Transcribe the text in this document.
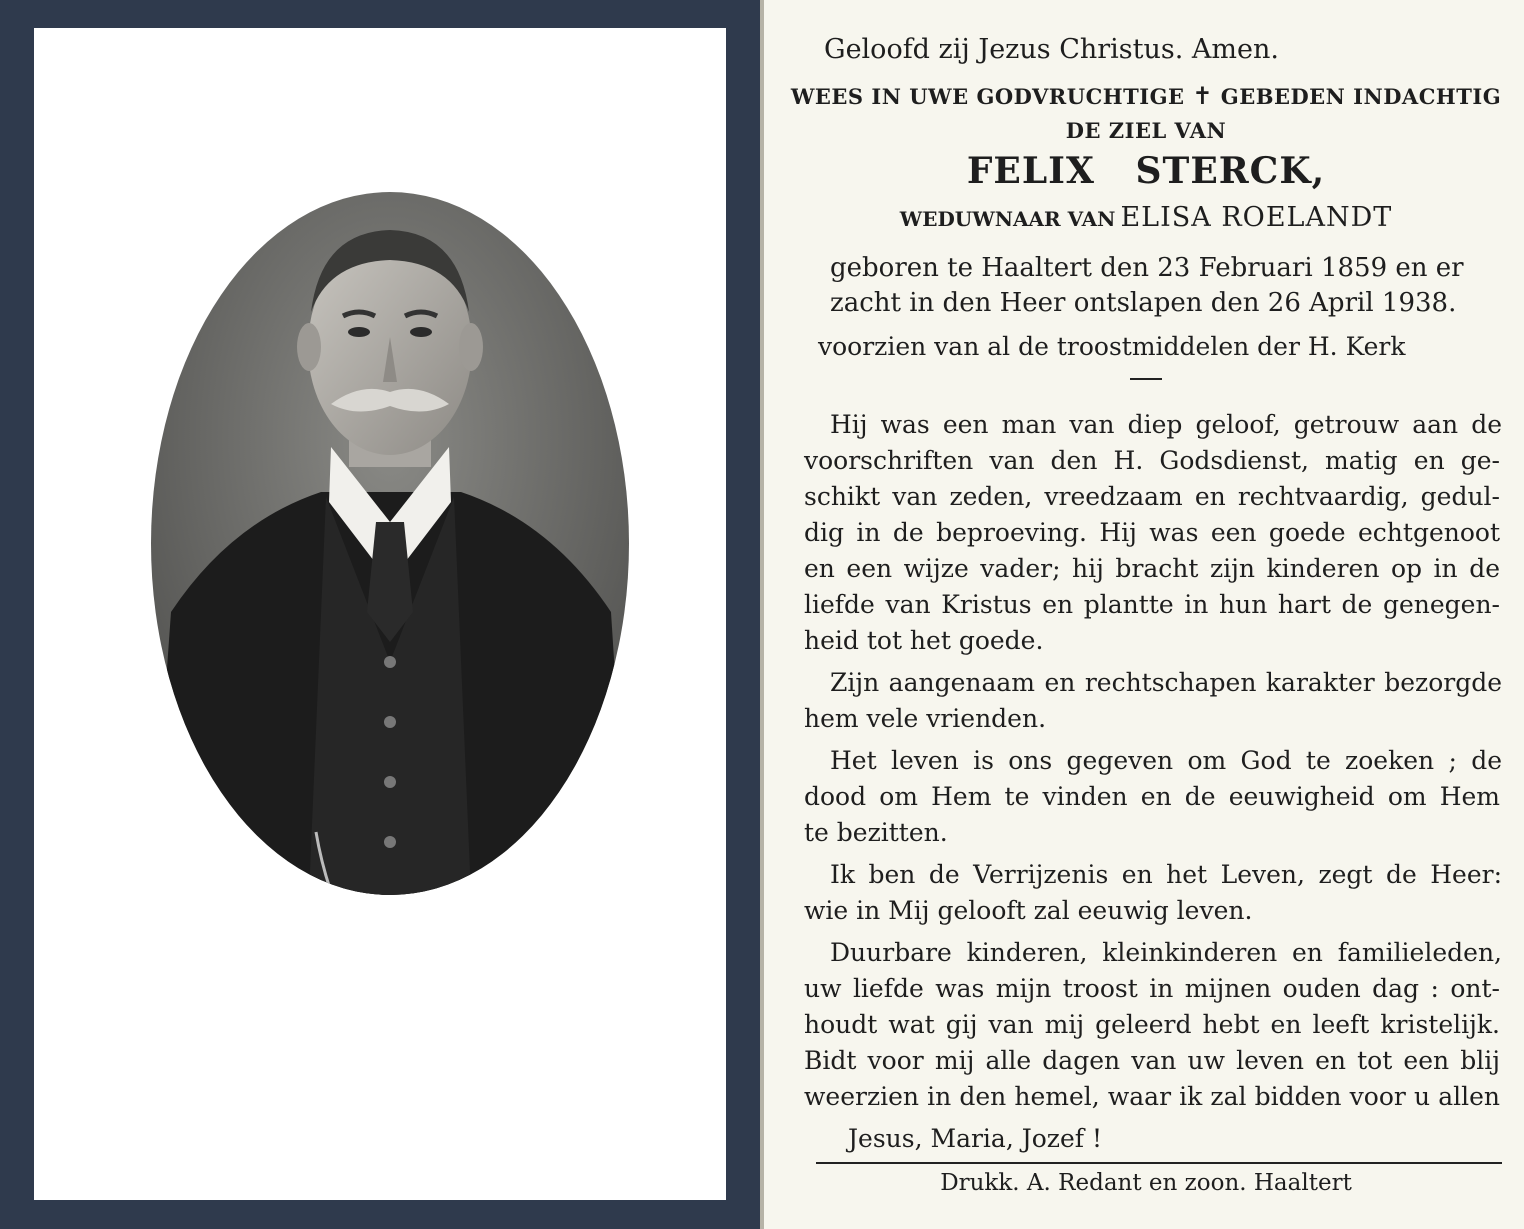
Geloofd zij Jezus Christus. Amen.
WEES IN UWE GODVRUCHTIGE ✝ GEBEDEN INDACHTIG
DE ZIEL VAN
FELIX   STERCK,
WEDUWNAAR VAN ELISA ROELANDT
geboren te Haaltert den 23 Februari 1859 en er
zacht in den Heer ontslapen den 26 April 1938.
voorzien van al de troostmiddelen der H. Kerk
Hij was een man van diep geloof, getrouw aan de
voorschriften van den H. Godsdienst, matig en ge-
schikt van zeden, vreedzaam en rechtvaardig, gedul-
dig in de beproeving. Hij was een goede echtgenoot
en een wijze vader; hij bracht zijn kinderen op in de
liefde van Kristus en plantte in hun hart de genegen-
heid tot het goede.
Zijn aangenaam en rechtschapen karakter bezorgde
hem vele vrienden.
Het leven is ons gegeven om God te zoeken ; de
dood om Hem te vinden en de eeuwigheid om Hem
te bezitten.
Ik ben de Verrijzenis en het Leven, zegt de Heer:
wie in Mij gelooft zal eeuwig leven.
Duurbare kinderen, kleinkinderen en familieleden,
uw liefde was mijn troost in mijnen ouden dag : ont-
houdt wat gij van mij geleerd hebt en leeft kristelijk.
Bidt voor mij alle dagen van uw leven en tot een blij
weerzien in den hemel, waar ik zal bidden voor u allen
Jesus, Maria, Jozef !
Drukk. A. Redant en zoon. Haaltert
